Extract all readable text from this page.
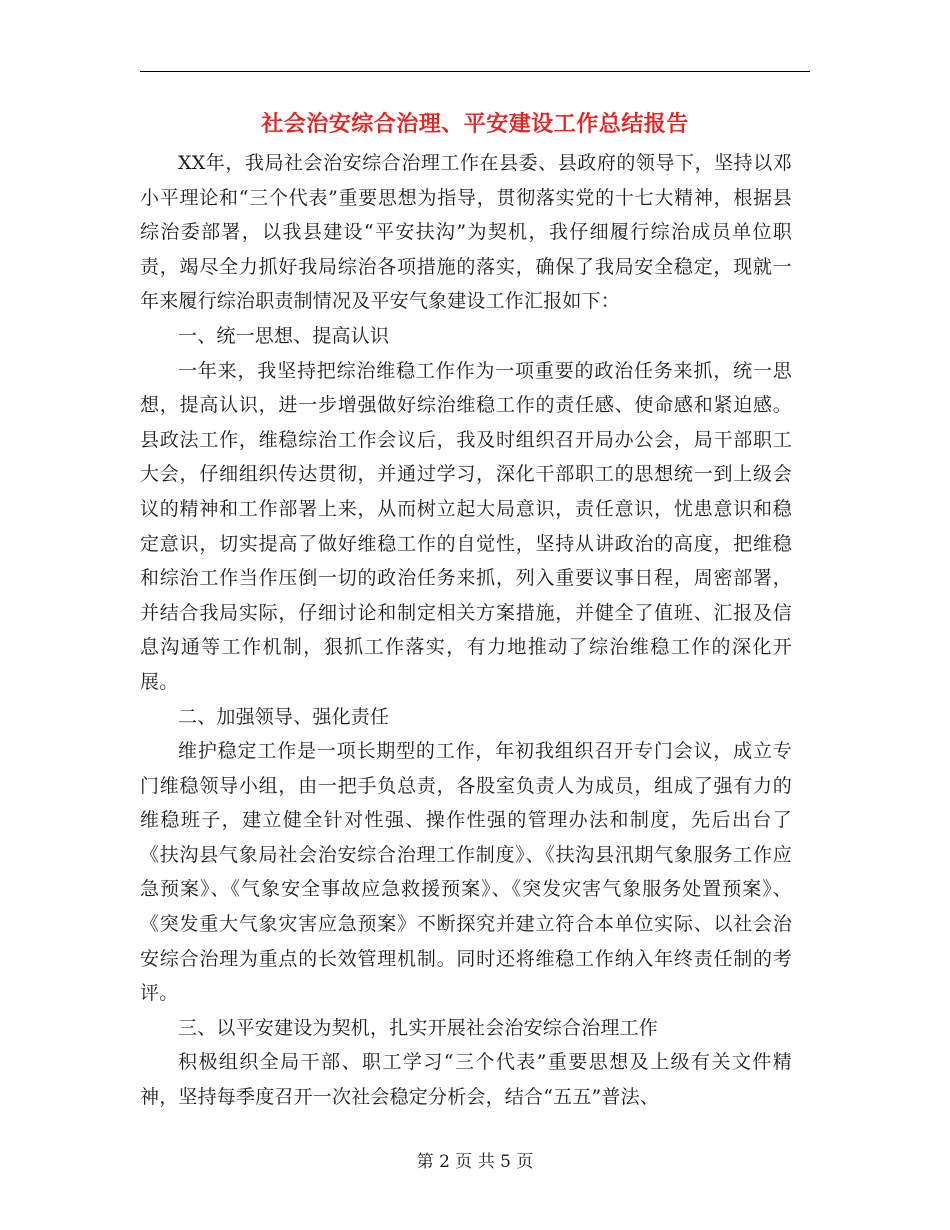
社会治安综合治理、平安建设工作总结报告

XX年，我局社会治安综合治理工作在县委、县政府的领导下，坚持以邓小平理论和“三个代表”重要思想为指导，贯彻落实党的十七大精神，根据县综治委部署，以我县建设“平安扶沟”为契机，我仔细履行综治成员单位职责，竭尽全力抓好我局综治各项措施的落实，确保了我局安全稳定，现就一年来履行综治职责制情况及平安气象建设工作汇报如下：

一、统一思想、提高认识

一年来，我坚持把综治维稳工作作为一项重要的政治任务来抓，统一思想，提高认识，进一步增强做好综治维稳工作的责任感、使命感和紧迫感。县政法工作，维稳综治工作会议后，我及时组织召开局办公会，局干部职工大会，仔细组织传达贯彻，并通过学习，深化干部职工的思想统一到上级会议的精神和工作部署上来，从而树立起大局意识，责任意识，忧患意识和稳定意识，切实提高了做好维稳工作的自觉性，坚持从讲政治的高度，把维稳和综治工作当作压倒一切的政治任务来抓，列入重要议事日程，周密部署，并结合我局实际，仔细讨论和制定相关方案措施，并健全了值班、汇报及信息沟通等工作机制，狠抓工作落实，有力地推动了综治维稳工作的深化开展。

二、加强领导、强化责任

维护稳定工作是一项长期型的工作，年初我组织召开专门会议，成立专门维稳领导小组，由一把手负总责，各股室负责人为成员，组成了强有力的维稳班子，建立健全针对性强、操作性强的管理办法和制度，先后出台了《扶沟县气象局社会治安综合治理工作制度》、《扶沟县汛期气象服务工作应急预案》、《气象安全事故应急救援预案》、《突发灾害气象服务处置预案》、《突发重大气象灾害应急预案》不断探究并建立符合本单位实际、以社会治安综合治理为重点的长效管理机制。同时还将维稳工作纳入年终责任制的考评。

三、以平安建设为契机，扎实开展社会治安综合治理工作

积极组织全局干部、职工学习“三个代表”重要思想及上级有关文件精神，坚持每季度召开一次社会稳定分析会，结合“五五”普法、

第 2 页 共 5 页
